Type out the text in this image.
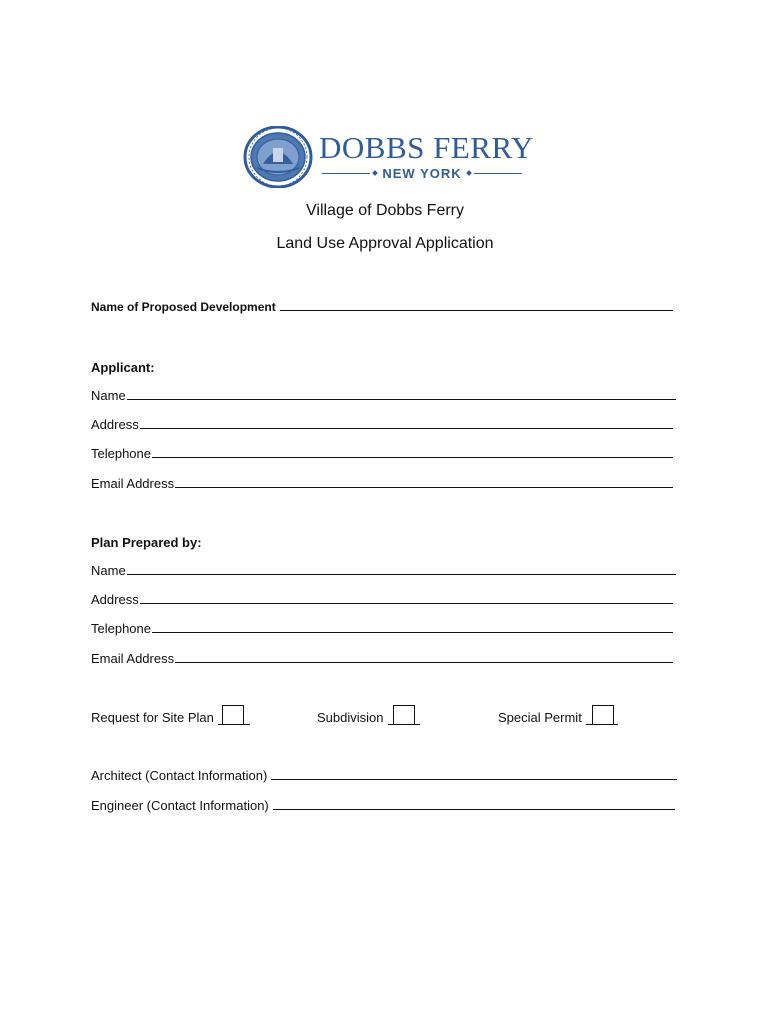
DOBBS FERRY
NEW YORK
Village of Dobbs Ferry
Land Use Approval Application
Name of Proposed Development
Applicant:
Name
Address
Telephone
Email Address
Plan Prepared by:
Name
Address
Telephone
Email Address
Request for Site Plan	Subdivision	Special Permit
Architect (Contact Information)
Engineer (Contact Information)
